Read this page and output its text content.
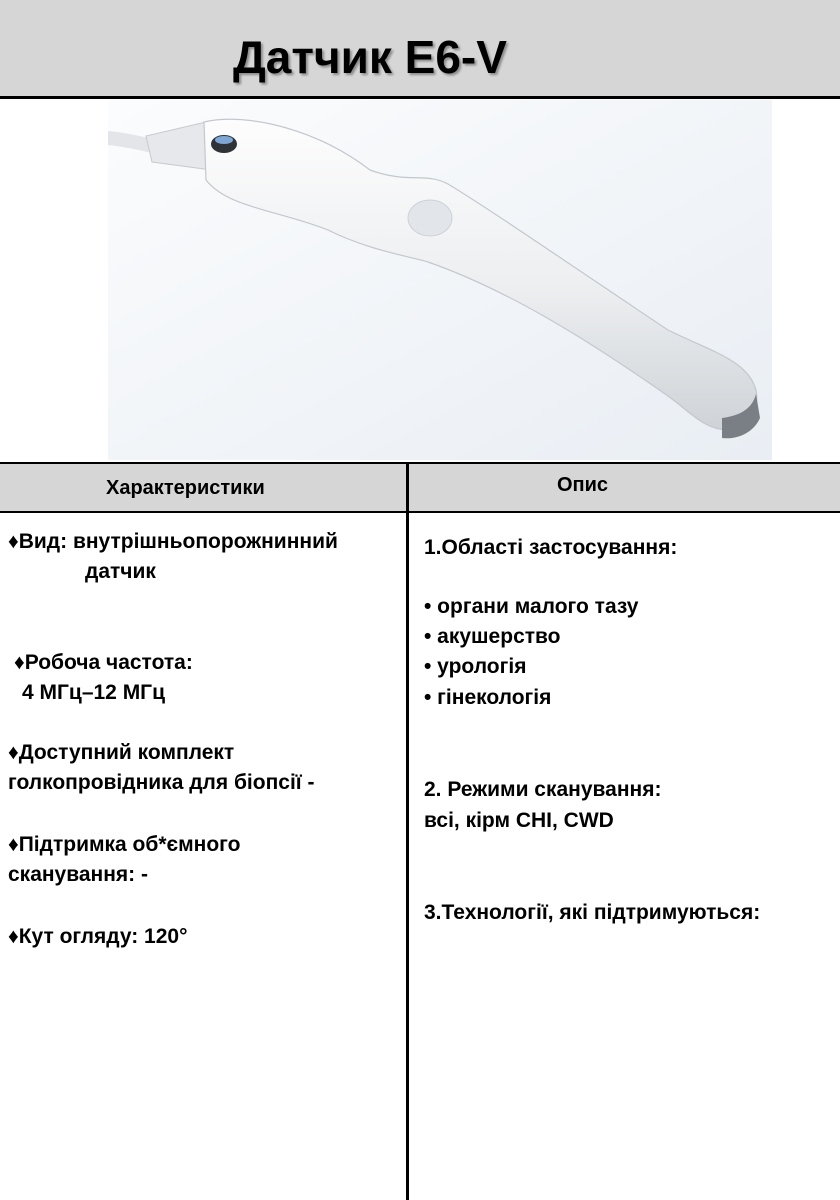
Датчик E6-V
Характеристики	Опис
♦Вид: внутрішньопорожнинний
датчик
♦Робоча частота:
4 МГц–12 МГц
♦Доступний комплект
голкопровідника для біопсії -
♦Підтримка об*ємного
сканування: -
♦Кут огляду: 120°
1.Області застосування:
• органи малого тазу
• акушерство
• урологія
• гінекологія
2. Режими сканування:
всі, кірм CHI, CWD
3.Технології, які підтримуються:
